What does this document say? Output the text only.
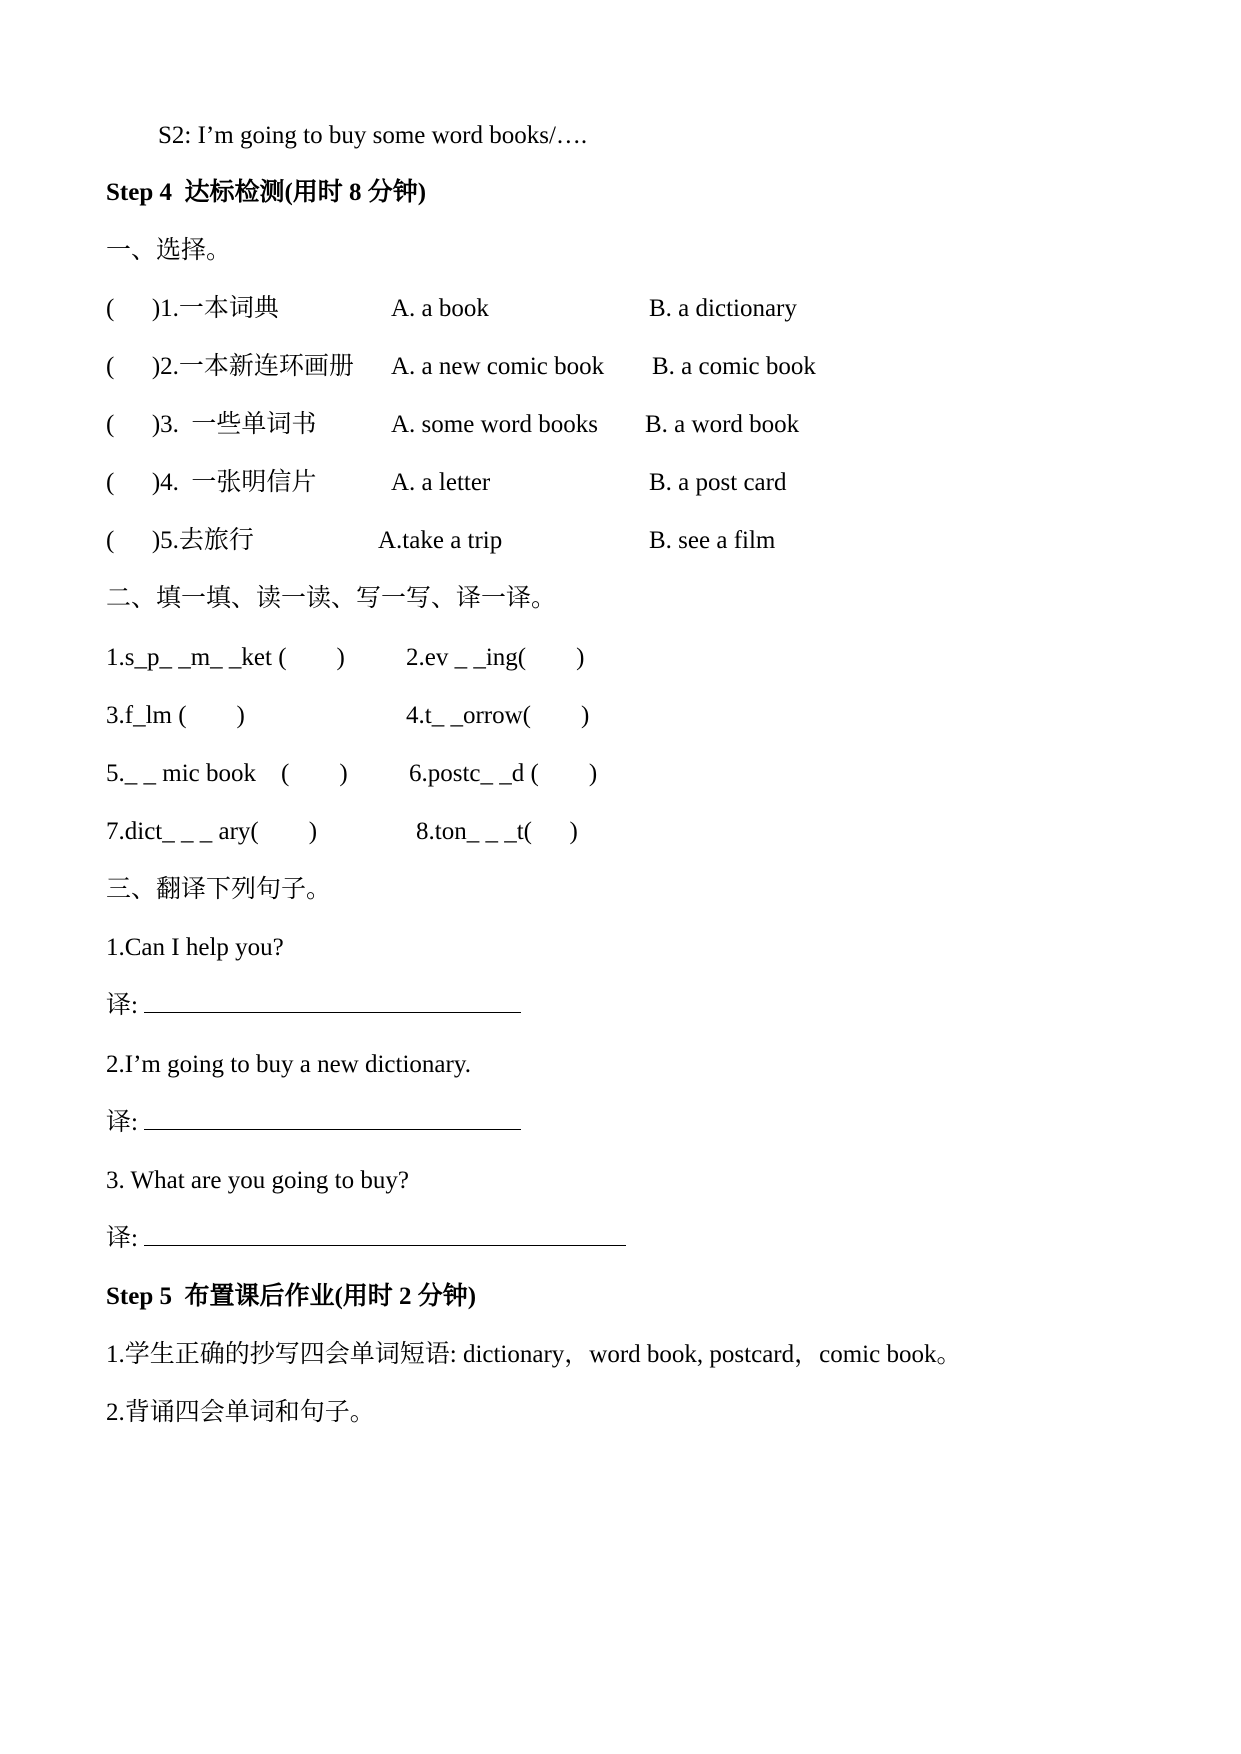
S2: I’m going to buy some word books/….
Step 4  达标检测(用时 8 分钟)
一、选择。
(      )1.一本词典	A. a book	B. a dictionary
(      )2.一本新连环画册 A. a new comic book B. a comic book
(      )3.  一些单词书	A. some word books B. a word book
(      )4.  一张明信片	A. a letter	B. a post card
(      )5.去旅行	A.take a trip	B. see a film
二、填一填、读一读、写一写、译一译。
1.s_p_ _m_ _ket (        ) 2.ev _ _ing(        )
3.f_lm (        )	4.t_ _orrow(        )
5._ _ mic book    (        ) 6.postc_ _d (        )
7.dict_ _ _ ary(        )	8.ton_ _ _t(      )
三、翻译下列句子。
1.Can I help you?
译:
2.I’m going to buy a new dictionary.
译:
3. What are you going to buy?
译:
Step 5  布置课后作业(用时 2 分钟)
1.学生正确的抄写四会单词短语: dictionary，word book, postcard，comic book。
2.背诵四会单词和句子。
